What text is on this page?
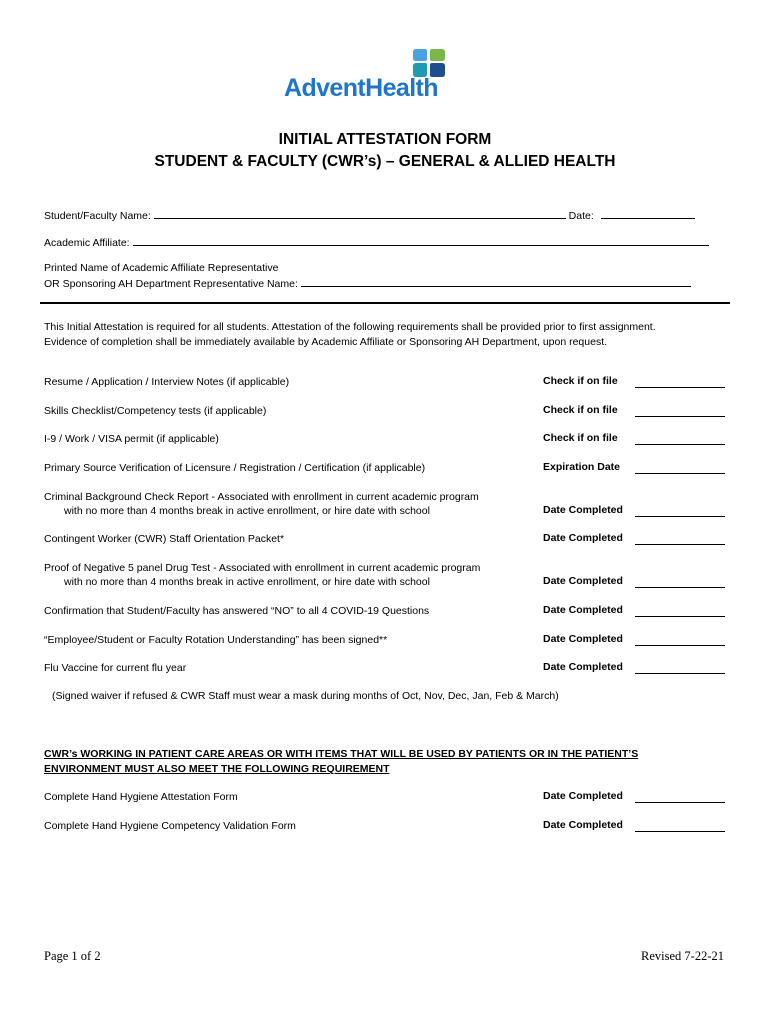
AdventHealth
INITIAL ATTESTATION FORM
STUDENT & FACULTY (CWR’s) – GENERAL & ALLIED HEALTH
Student/Faculty Name:	Date:
Academic Affiliate:
Printed Name of Academic Affiliate Representative
OR Sponsoring AH Department Representative Name:
This Initial Attestation is required for all students. Attestation of the following requirements shall be provided prior to first assignment.
Evidence of completion shall be immediately available by Academic Affiliate or Sponsoring AH Department, upon request.
Resume / Application / Interview Notes (if applicable)	Check if on file
Skills Checklist/Competency tests (if applicable)	Check if on file
I-9 / Work / VISA permit (if applicable)	Check if on file
Primary Source Verification of Licensure / Registration / Certification (if applicable)	Expiration Date
Criminal Background Check Report - Associated with enrollment in current academic program
with no more than 4 months break in active enrollment, or hire date with school	Date Completed
Contingent Worker (CWR) Staff Orientation Packet*	Date Completed
Proof of Negative 5 panel Drug Test - Associated with enrollment in current academic program
with no more than 4 months break in active enrollment, or hire date with school	Date Completed
Confirmation that Student/Faculty has answered “NO” to all 4 COVID-19 Questions	Date Completed
“Employee/Student or Faculty Rotation Understanding” has been signed**	Date Completed
Flu Vaccine for current flu year	Date Completed
(Signed waiver if refused & CWR Staff must wear a mask during months of Oct, Nov, Dec, Jan, Feb & March)
CWR’s WORKING IN PATIENT CARE AREAS OR WITH ITEMS THAT WILL BE USED BY PATIENTS OR IN THE PATIENT’S
ENVIRONMENT MUST ALSO MEET THE FOLLOWING REQUIREMENT
Complete Hand Hygiene Attestation Form	Date Completed
Complete Hand Hygiene Competency Validation Form	Date Completed
Page 1 of 2	Revised 7-22-21
